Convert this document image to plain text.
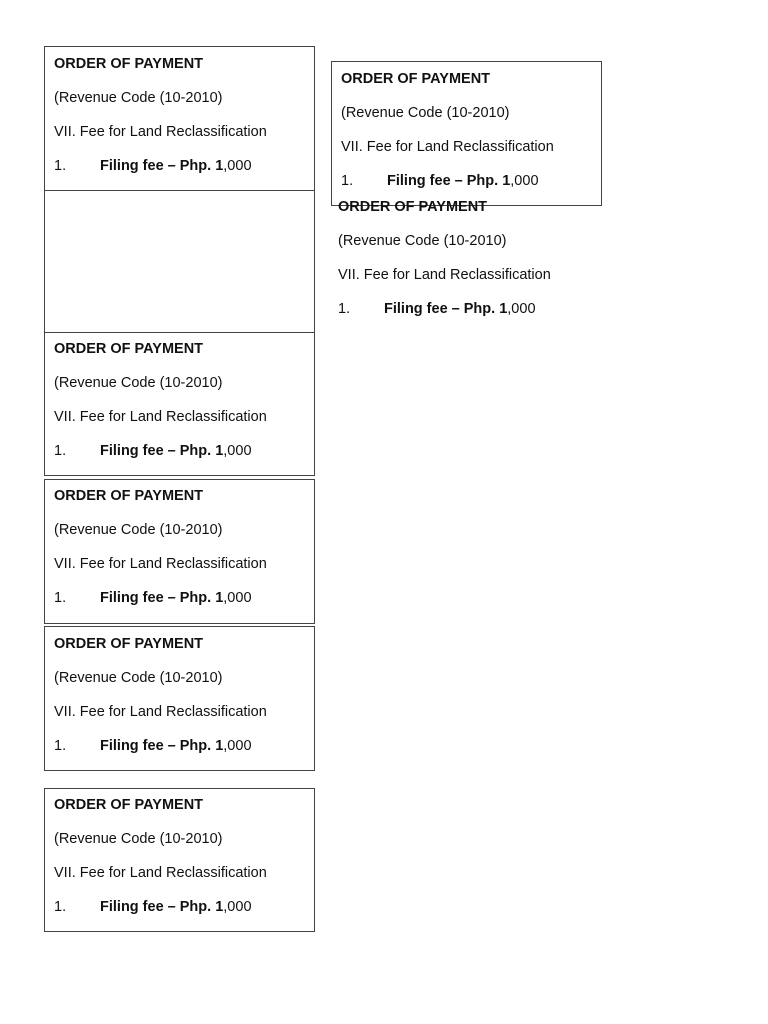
ORDER OF PAYMENT
(Revenue Code (10-2010)
VII. Fee for Land Reclassification
1. Filing fee – Php. 1,000
ORDER OF PAYMENT
(Revenue Code (10-2010)
VII. Fee for Land Reclassification
1. Filing fee – Php. 1,000
ORDER OF PAYMENT
(Revenue Code (10-2010)
VII. Fee for Land Reclassification
1. Filing fee – Php. 1,000
ORDER OF PAYMENT
(Revenue Code (10-2010)
VII. Fee for Land Reclassification
1. Filing fee – Php. 1,000
ORDER OF PAYMENT
(Revenue Code (10-2010)
VII. Fee for Land Reclassification
1. Filing fee – Php. 1,000
ORDER OF PAYMENT
(Revenue Code (10-2010)
VII. Fee for Land Reclassification
1. Filing fee – Php. 1,000
ORDER OF PAYMENT
(Revenue Code (10-2010)
VII. Fee for Land Reclassification
1. Filing fee – Php. 1,000
